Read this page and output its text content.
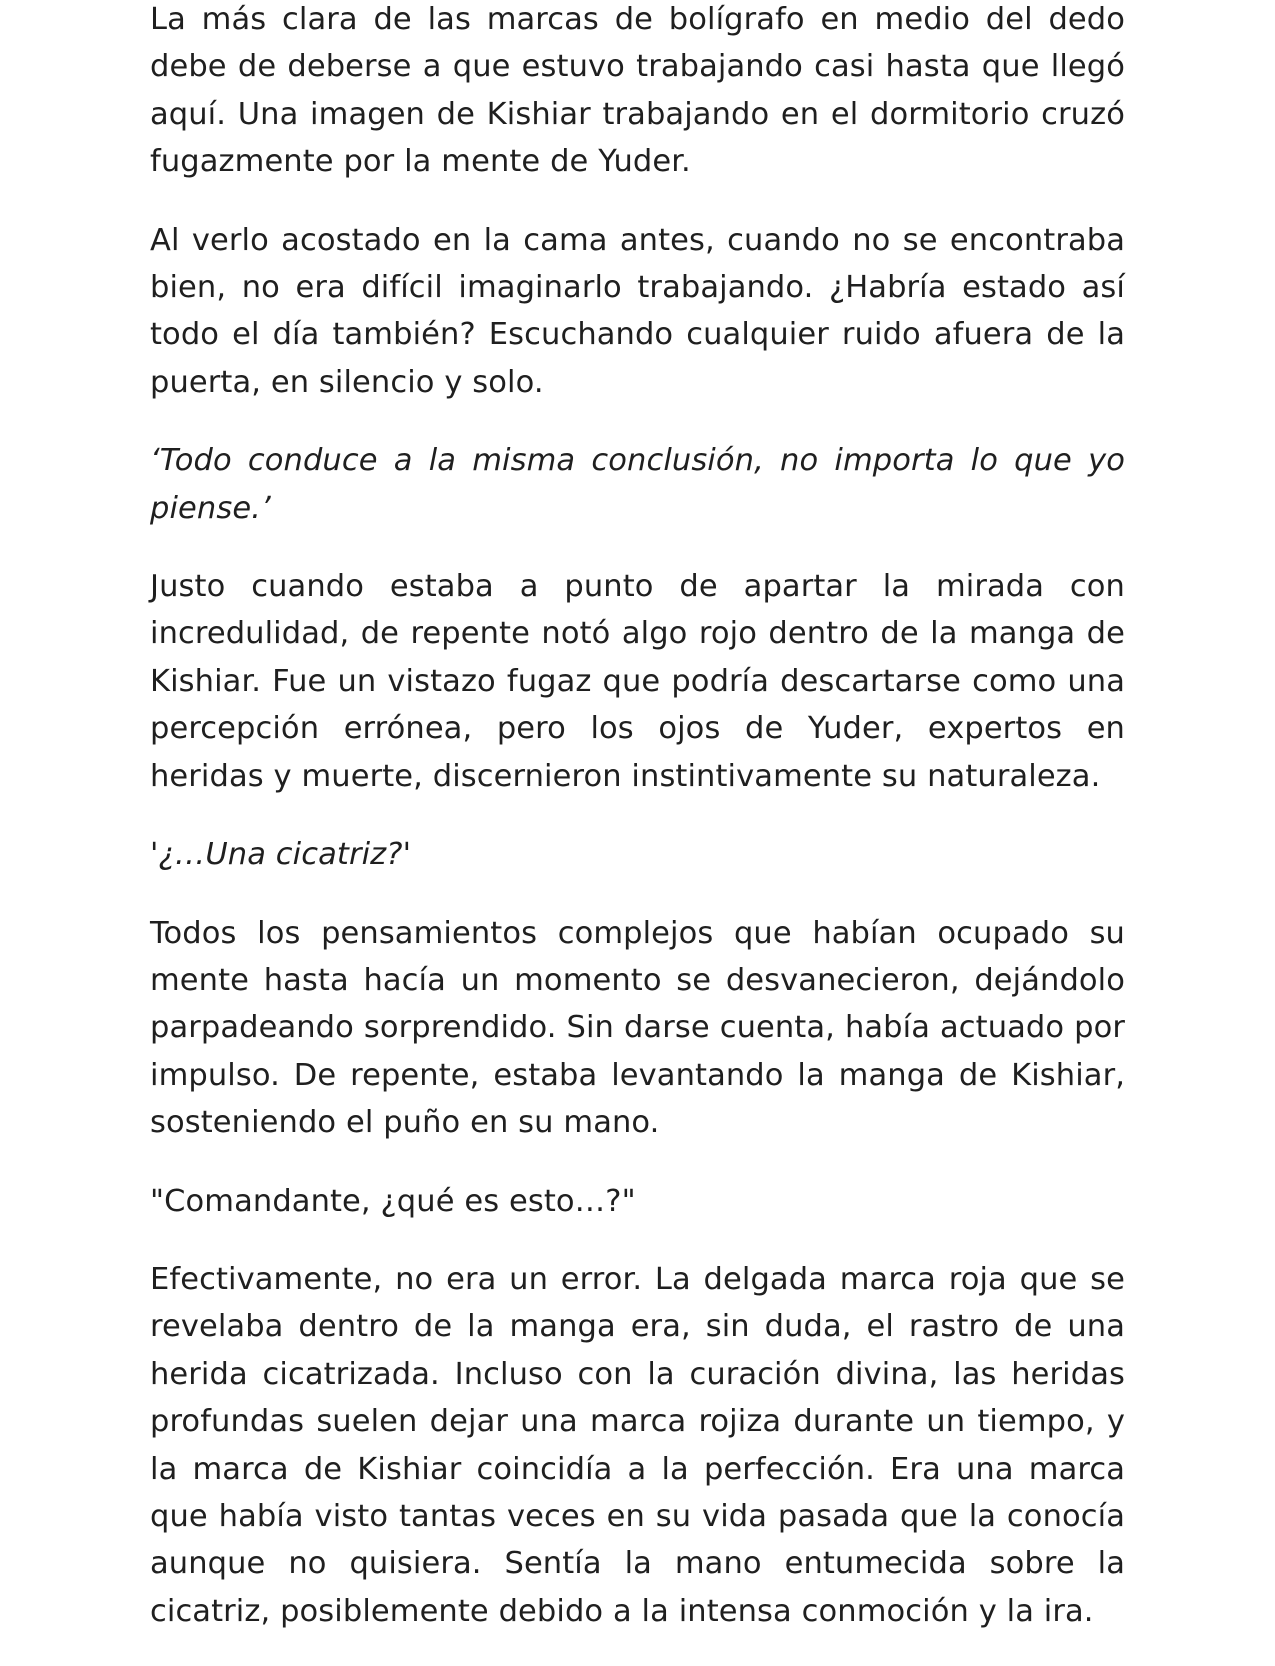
La más clara de las marcas de bolígrafo en medio del dedo debe de deberse a que estuvo trabajando casi hasta que llegó aquí. Una imagen de Kishiar trabajando en el dormitorio cruzó fugazmente por la mente de Yuder.

Al verlo acostado en la cama antes, cuando no se encontraba bien, no era difícil imaginarlo trabajando. ¿Habría estado así todo el día también? Escuchando cualquier ruido afuera de la puerta, en silencio y solo.

‘Todo conduce a la misma conclusión, no importa lo que yo piense.’

Justo cuando estaba a punto de apartar la mirada con incredulidad, de repente notó algo rojo dentro de la manga de Kishiar. Fue un vistazo fugaz que podría descartarse como una percepción errónea, pero los ojos de Yuder, expertos en heridas y muerte, discernieron instintivamente su naturaleza.

'¿…Una cicatriz?'

Todos los pensamientos complejos que habían ocupado su mente hasta hacía un momento se desvanecieron, dejándolo parpadeando sorprendido. Sin darse cuenta, había actuado por impulso. De repente, estaba levantando la manga de Kishiar, sosteniendo el puño en su mano.

"Comandante, ¿qué es esto…?"

Efectivamente, no era un error. La delgada marca roja que se revelaba dentro de la manga era, sin duda, el rastro de una herida cicatrizada. Incluso con la curación divina, las heridas profundas suelen dejar una marca rojiza durante un tiempo, y la marca de Kishiar coincidía a la perfección. Era una marca que había visto tantas veces en su vida pasada que la conocía aunque no quisiera. Sentía la mano entumecida sobre la cicatriz, posiblemente debido a la intensa conmoción y la ira.
